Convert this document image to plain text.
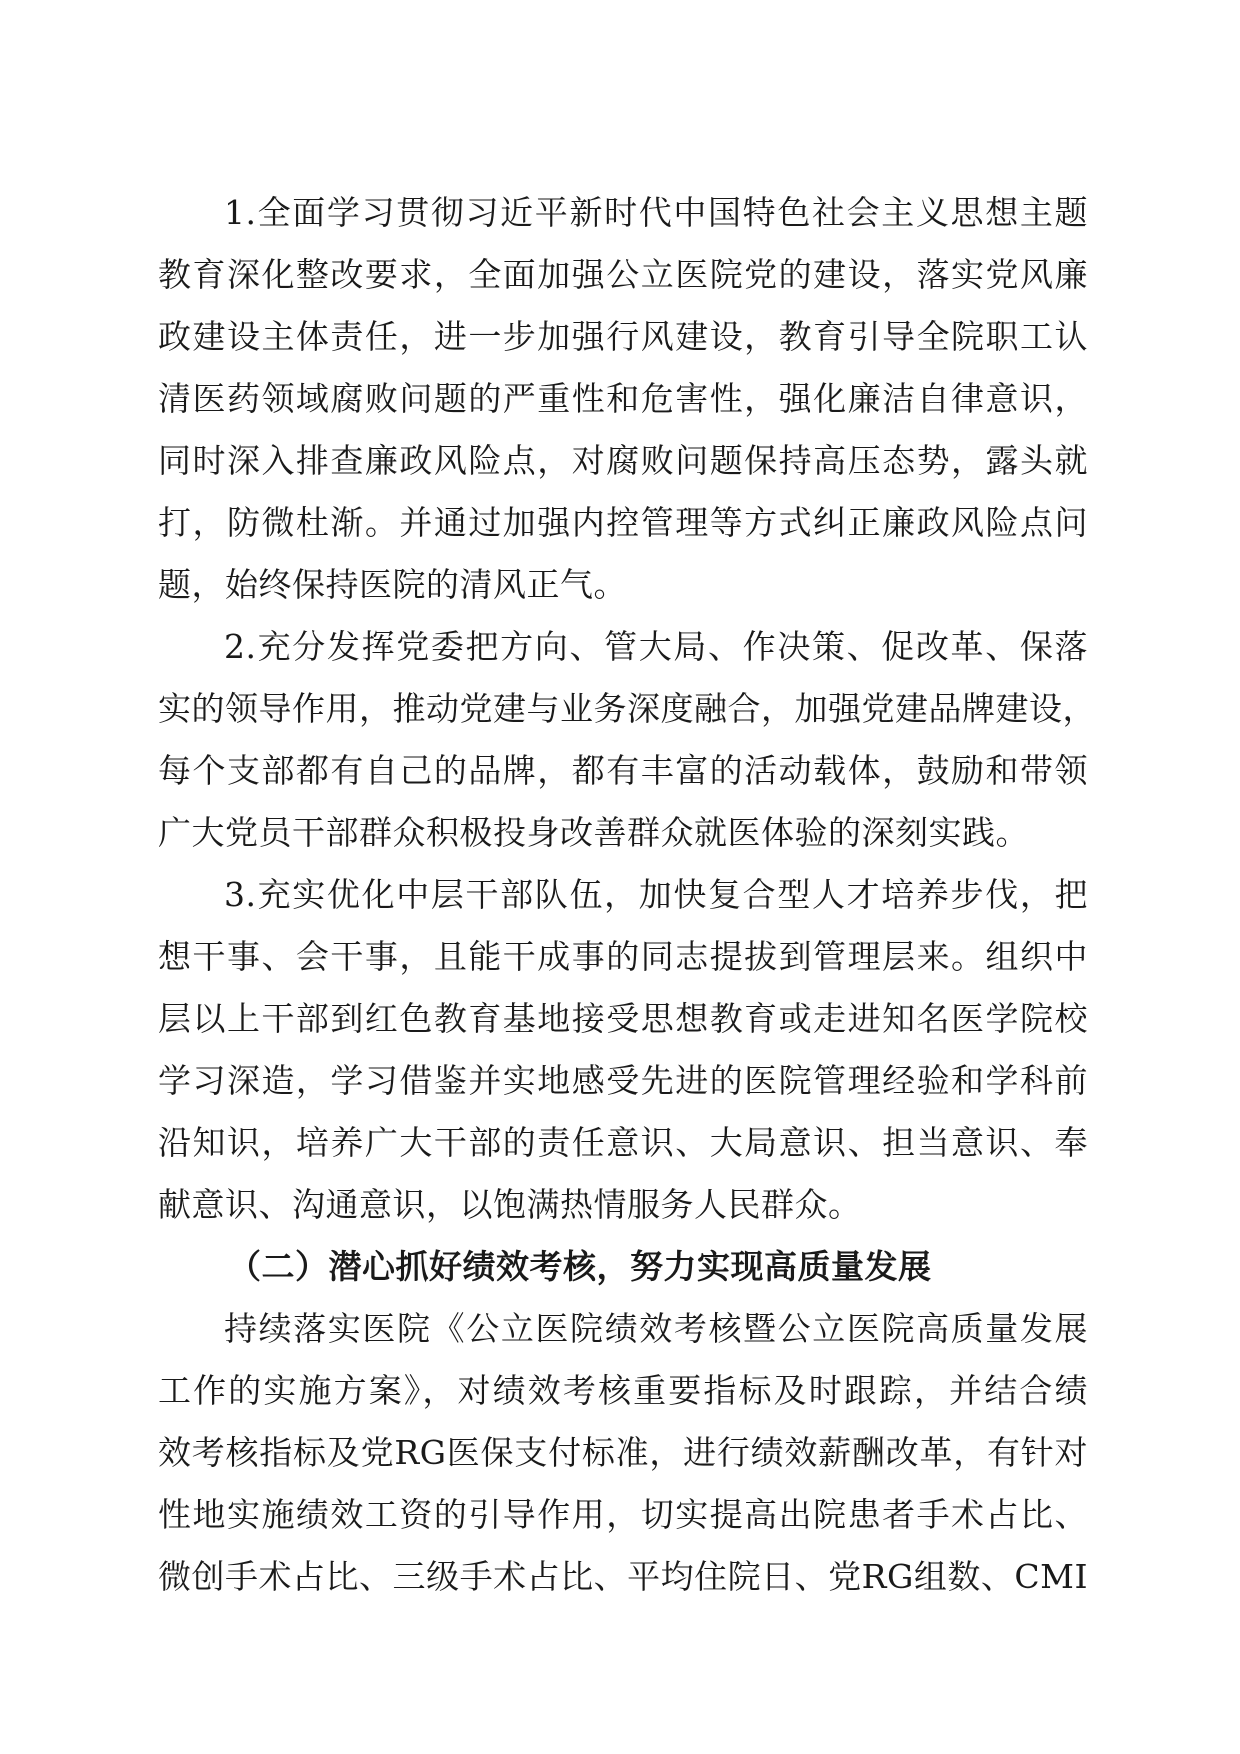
1.全面学习贯彻习近平新时代中国特色社会主义思想主题
教育深化整改要求，全面加强公立医院党的建设，落实党风廉
政建设主体责任，进一步加强行风建设，教育引导全院职工认
清医药领域腐败问题的严重性和危害性，强化廉洁自律意识，
同时深入排查廉政风险点，对腐败问题保持高压态势，露头就
打，防微杜渐。并通过加强内控管理等方式纠正廉政风险点问
题，始终保持医院的清风正气。
2.充分发挥党委把方向、管大局、作决策、促改革、保落
实的领导作用，推动党建与业务深度融合，加强党建品牌建设，
每个支部都有自己的品牌，都有丰富的活动载体，鼓励和带领
广大党员干部群众积极投身改善群众就医体验的深刻实践。
3.充实优化中层干部队伍，加快复合型人才培养步伐，把
想干事、会干事，且能干成事的同志提拔到管理层来。组织中
层以上干部到红色教育基地接受思想教育或走进知名医学院校
学习深造，学习借鉴并实地感受先进的医院管理经验和学科前
沿知识，培养广大干部的责任意识、大局意识、担当意识、奉
献意识、沟通意识，以饱满热情服务人民群众。
（二）潜心抓好绩效考核，努力实现高质量发展
持续落实医院《公立医院绩效考核暨公立医院高质量发展
工作的实施方案》，对绩效考核重要指标及时跟踪，并结合绩
效考核指标及党RG医保支付标准，进行绩效薪酬改革，有针对
性地实施绩效工资的引导作用，切实提高出院患者手术占比、
微创手术占比、三级手术占比、平均住院日、党RG组数、CMI
